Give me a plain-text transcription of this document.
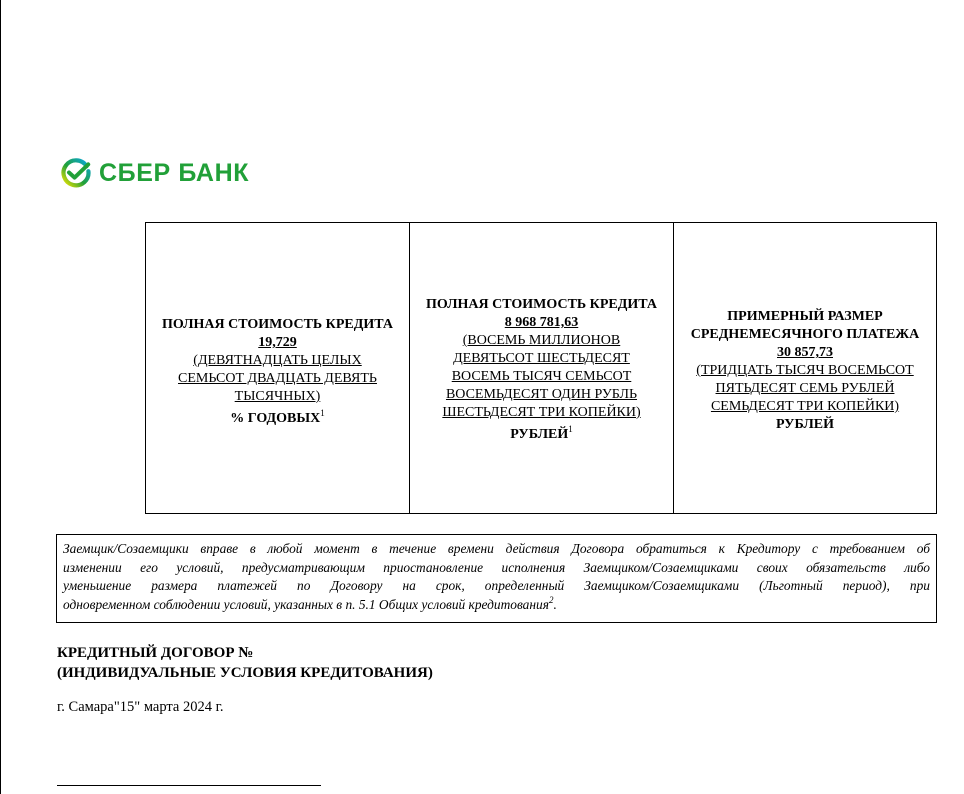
СБЕР БАНК
ПОЛНАЯ СТОИМОСТЬ КРЕДИТА
19,729
(ДЕВЯТНАДЦАТЬ ЦЕЛЫХ СЕМЬСОТ ДВАДЦАТЬ ДЕВЯТЬ ТЫСЯЧНЫХ)
% ГОДОВЫХ$^1$
ПОЛНАЯ СТОИМОСТЬ КРЕДИТА
8 968 781,63
(ВОСЕМЬ МИЛЛИОНОВ ДЕВЯТЬСОТ ШЕСТЬДЕСЯТ ВОСЕМЬ ТЫСЯЧ СЕМЬСОТ ВОСЕМЬДЕСЯТ ОДИН РУБЛЬ ШЕСТЬДЕСЯТ ТРИ КОПЕЙКИ)
РУБЛЕЙ$^1$
ПРИМЕРНЫЙ РАЗМЕР СРЕДНЕМЕСЯЧНОГО ПЛАТЕЖА
30 857,73
(ТРИДЦАТЬ ТЫСЯЧ ВОСЕМЬСОТ ПЯТЬДЕСЯТ СЕМЬ РУБЛЕЙ СЕМЬДЕСЯТ ТРИ КОПЕЙКИ)
РУБЛЕЙ
Заемщик/Созаемщики вправе в любой момент в течение времени действия Договора обратиться к Кредитору с требованием об
изменении его условий, предусматривающим приостановление исполнения Заемщиком/Созаемщиками своих обязательств либо
уменьшение размера платежей по Договору на срок, определенный Заемщиком/Созаемщиками (Льготный период), при
одновременном соблюдении условий, указанных в п. 5.1 Общих условий кредитования$^2$.
КРЕДИТНЫЙ ДОГОВОР №
(ИНДИВИДУАЛЬНЫЕ УСЛОВИЯ КРЕДИТОВАНИЯ)
г. Самара"15" марта 2024 г.
